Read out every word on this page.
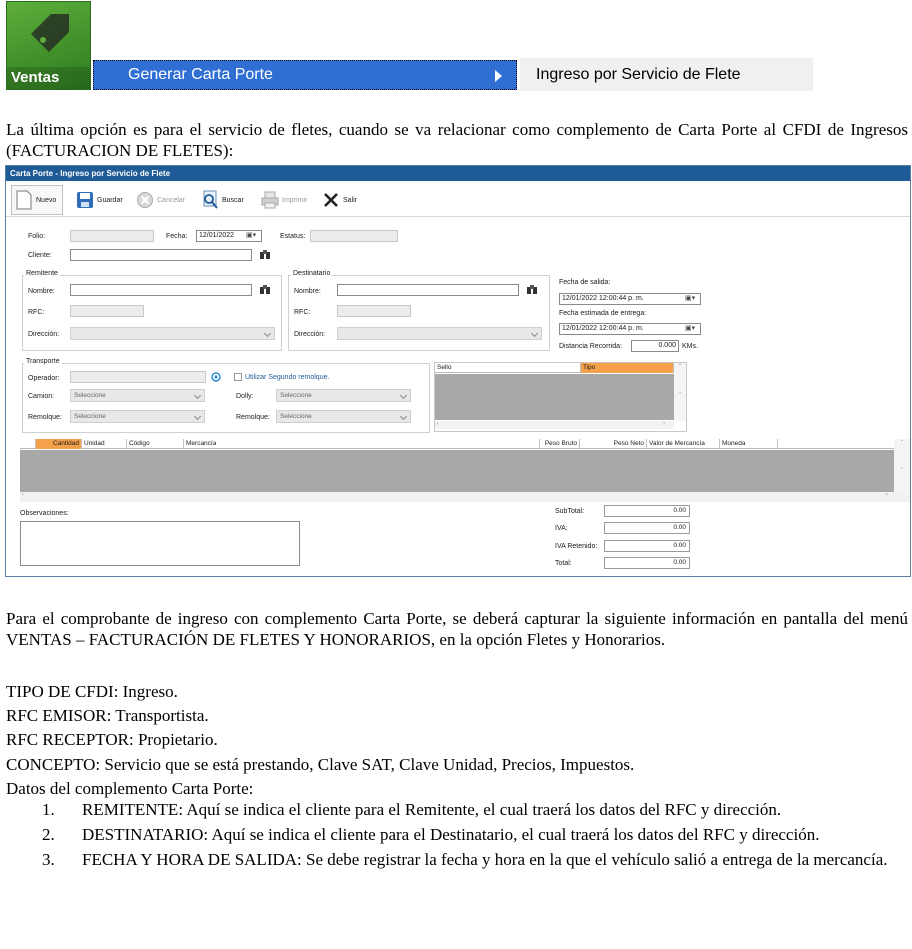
Ventas	Generar Carta Porte	Ingreso por Servicio de Flete
La última opción es para el servicio de fletes, cuando se va relacionar como complemento de Carta Porte al CFDI de Ingresos (FACTURACION DE FLETES):
Carta Porte - Ingreso por Servicio de Flete
Nuevo	Guardar	Cancelar	Buscar	Imprimir	Salir
Folio:	Fecha:	12/01/2022 ▣▾	Estatus:
Cliente:
Remitente
Nombre:
RFC:
Dirección:
Destinatario
Nombre:
RFC:
Dirección:
Fecha de salida:
12/01/2022 12:00:44 p. m.	▣▾
Fecha estimada de entrega:
12/01/2022 12:00:44 p. m.	▣▾
Distancia Recorrida:	0.000 KMs.
Transporte
Operador:	Utilizar Segundo remolque.
Camion:	Seleccione	Dolly:	Seleccione
Remolque:	Seleccione	Remolque:	Seleccione
Sello	Tipo	⌃

⌄
‹	›
Cantidad Unidad	Código	Mercancía	Peso Bruto	Peso Neto Valor de Mercancía	Moneda	⌃

⌄
‹	›
Observaciones:	SubTotal:	0.00
IVA:	0.00
IVA Retenido:	0.00
Total:	0.00
Para el comprobante de ingreso con complemento Carta Porte, se deberá capturar la siguiente información en pantalla del menú VENTAS – FACTURACIÓN DE FLETES Y HONORARIOS, en la opción Fletes y Honorarios.
TIPO DE CFDI: Ingreso.
RFC EMISOR: Transportista.
RFC RECEPTOR: Propietario.
CONCEPTO: Servicio que se está prestando, Clave SAT, Clave Unidad, Precios, Impuestos.
Datos del complemento Carta Porte:
1. REMITENTE: Aquí se indica el cliente para el Remitente, el cual traerá los datos del RFC y dirección.
2. DESTINATARIO: Aquí se indica el cliente para el Destinatario, el cual traerá los datos del RFC y dirección.
3. FECHA Y HORA DE SALIDA: Se debe registrar la fecha y hora en la que el vehículo salió a entrega de la mercancía.
